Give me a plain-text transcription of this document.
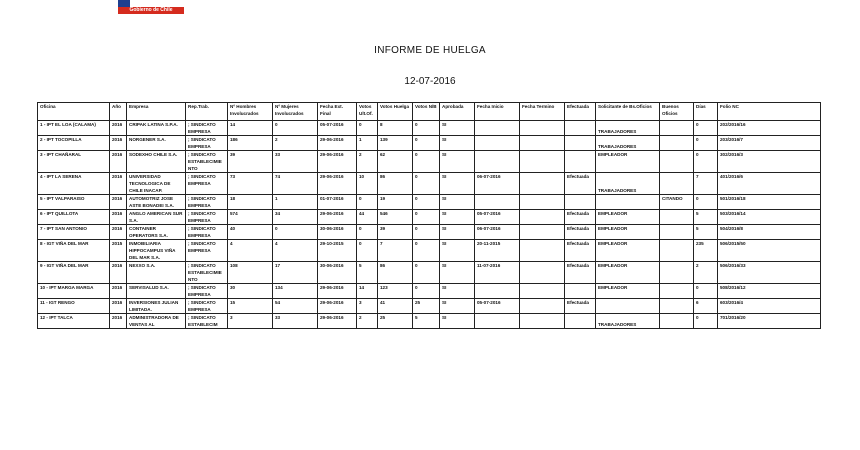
Gobierno de Chile
INFORME DE HUELGA
12-07-2016
Oficina	Año	Empresa	Rep.Trab.	Nº Hombres Involucrados	Nº Mujeres Involucrados	Fecha Ext. Final	Votos Ult.Of.	Votos Huelga	Votos N/B	Aprobada	Fecha Inicio	Fecha Termino	Efectuada	Solicitante de Bs.Oficios	Buenos Oficios	Días	Folio NC
1 - IPT EL LOA (CALAMA)	2016	CRIPAK LATINA S.P.A.	; SINDICATO EMPRESA	14	0	05-07-2016	0	8	0	SI				TRABAJADORES		0	202/2016/16
2 - IPT TOCOPILLA	2016	NORGENER S.A.	; SINDICATO EMPRESA	186	2	29-06-2016	1	139	0	SI				TRABAJADORES		0	203/2016/7
3 - IPT CHAÑARAL	2016	SODEXHO CHILE S.A.	; SINDICATO ESTABLECIMIENTO	39	33	29-06-2016	2	62	0	SI				EMPLEADOR		0	302/2016/3
4 - IPT LA SERENA	2016	UNIVERSIDAD TECNOLOGICA DE CHILE INACAP.	; SINDICATO EMPRESA	73	74	29-06-2016	10	86	0	SI	06-07-2016		Efectuada	TRABAJADORES		7	401/2016/6
5 - IPT VALPARAISO	2016	AUTOMOTRIZ JOSE ASTE BONADEI S.A.	; SINDICATO EMPRESA	18	1	01-07-2016	0	19	0	SI					CITANDO	0	501/2016/18
6 - IPT QUILLOTA	2016	ANGLO AMERICAN SUR S.A.	; SINDICATO EMPRESA	574	34	29-06-2016	44	546	0	SI	05-07-2016		Efectuada	EMPLEADOR		5	503/2016/14
7 - IPT SAN ANTONIO	2016	CONTAINER OPERATORS S.A.	; SINDICATO EMPRESA	40	0	30-06-2016	0	39	0	SI	06-07-2016		Efectuada	EMPLEADOR		5	504/2016/8
8 - IGT VIÑA DEL MAR	2015	INMOBILIARIA HIPPOCAMPUS VIÑA DEL MAR S.A.	; SINDICATO EMPRESA	4	4	29-10-2015	0	7	0	SI	20-11-2015		Efectuada	EMPLEADOR		235	506/2015/50
9 - IGT VIÑA DEL MAR	2016	NEXXO S.A.	; SINDICATO ESTABLECIMIENTO	108	17	30-06-2016	5	86	0	SI	11-07-2016		Efectuada	EMPLEADOR		2	506/2016/33
10 - IPT MARGA MARGA	2016	SERVISALUD S.A.	; SINDICATO EMPRESA	30	134	29-06-2016	14	123	0	SI				EMPLEADOR		0	508/2016/12
11 - IGT RENGO	2016	INVERSIONES JULIAN LIMITADA.	; SINDICATO EMPRESA	15	54	29-06-2016	3	41	25	SI	05-07-2016		Efectuada			6	603/2016/4
12 - IPT TALCA	2016	ADMINISTRADORA DE VENTAS AL	; SINDICATO ESTABLECIM	3	33	29-06-2016	2	25	5	SI				TRABAJADORES		0	701/2016/20
